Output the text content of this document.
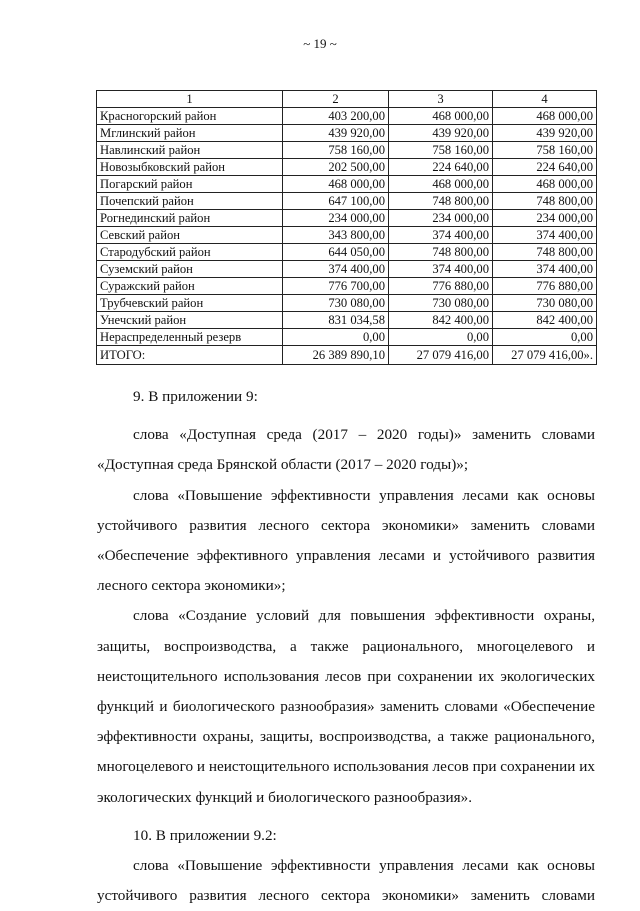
~ 19 ~
1	2	3	4
Красногорский район	403 200,00	468 000,00	468 000,00
Мглинский район	439 920,00	439 920,00	439 920,00
Навлинский район	758 160,00	758 160,00	758 160,00
Новозыбковский район	202 500,00	224 640,00	224 640,00
Погарский район	468 000,00	468 000,00	468 000,00
Почепский район	647 100,00	748 800,00	748 800,00
Рогнединский район	234 000,00	234 000,00	234 000,00
Севский район	343 800,00	374 400,00	374 400,00
Стародубский район	644 050,00	748 800,00	748 800,00
Суземский район	374 400,00	374 400,00	374 400,00
Суражский район	776 700,00	776 880,00	776 880,00
Трубчевский район	730 080,00	730 080,00	730 080,00
Унечский район	831 034,58	842 400,00	842 400,00
Нераспределенный резерв	0,00	0,00	0,00
ИТОГО:	26 389 890,10	27 079 416,00	27 079 416,00».

9. В приложении 9:

слова «Доступная среда (2017 – 2020 годы)» заменить словами «Доступная среда Брянской области (2017 – 2020 годы)»;

слова «Повышение эффективности управления лесами как основы устойчивого развития лесного сектора экономики» заменить словами «Обеспечение эффективного управления лесами и устойчивого развития лесного сектора экономики»;

слова «Создание условий для повышения эффективности охраны, защиты, воспроизводства, а также рационального, многоцелевого и неистощительного использования лесов при сохранении их экологических функций и биологического разнообразия» заменить словами «Обеспечение эффективности охраны, защиты, воспроизводства, а также рационального, многоцелевого и неистощительного использования лесов при сохранении их экологических функций и биологического разнообразия».

10. В приложении 9.2:

слова «Повышение эффективности управления лесами как основы устойчивого развития лесного сектора экономики» заменить словами
